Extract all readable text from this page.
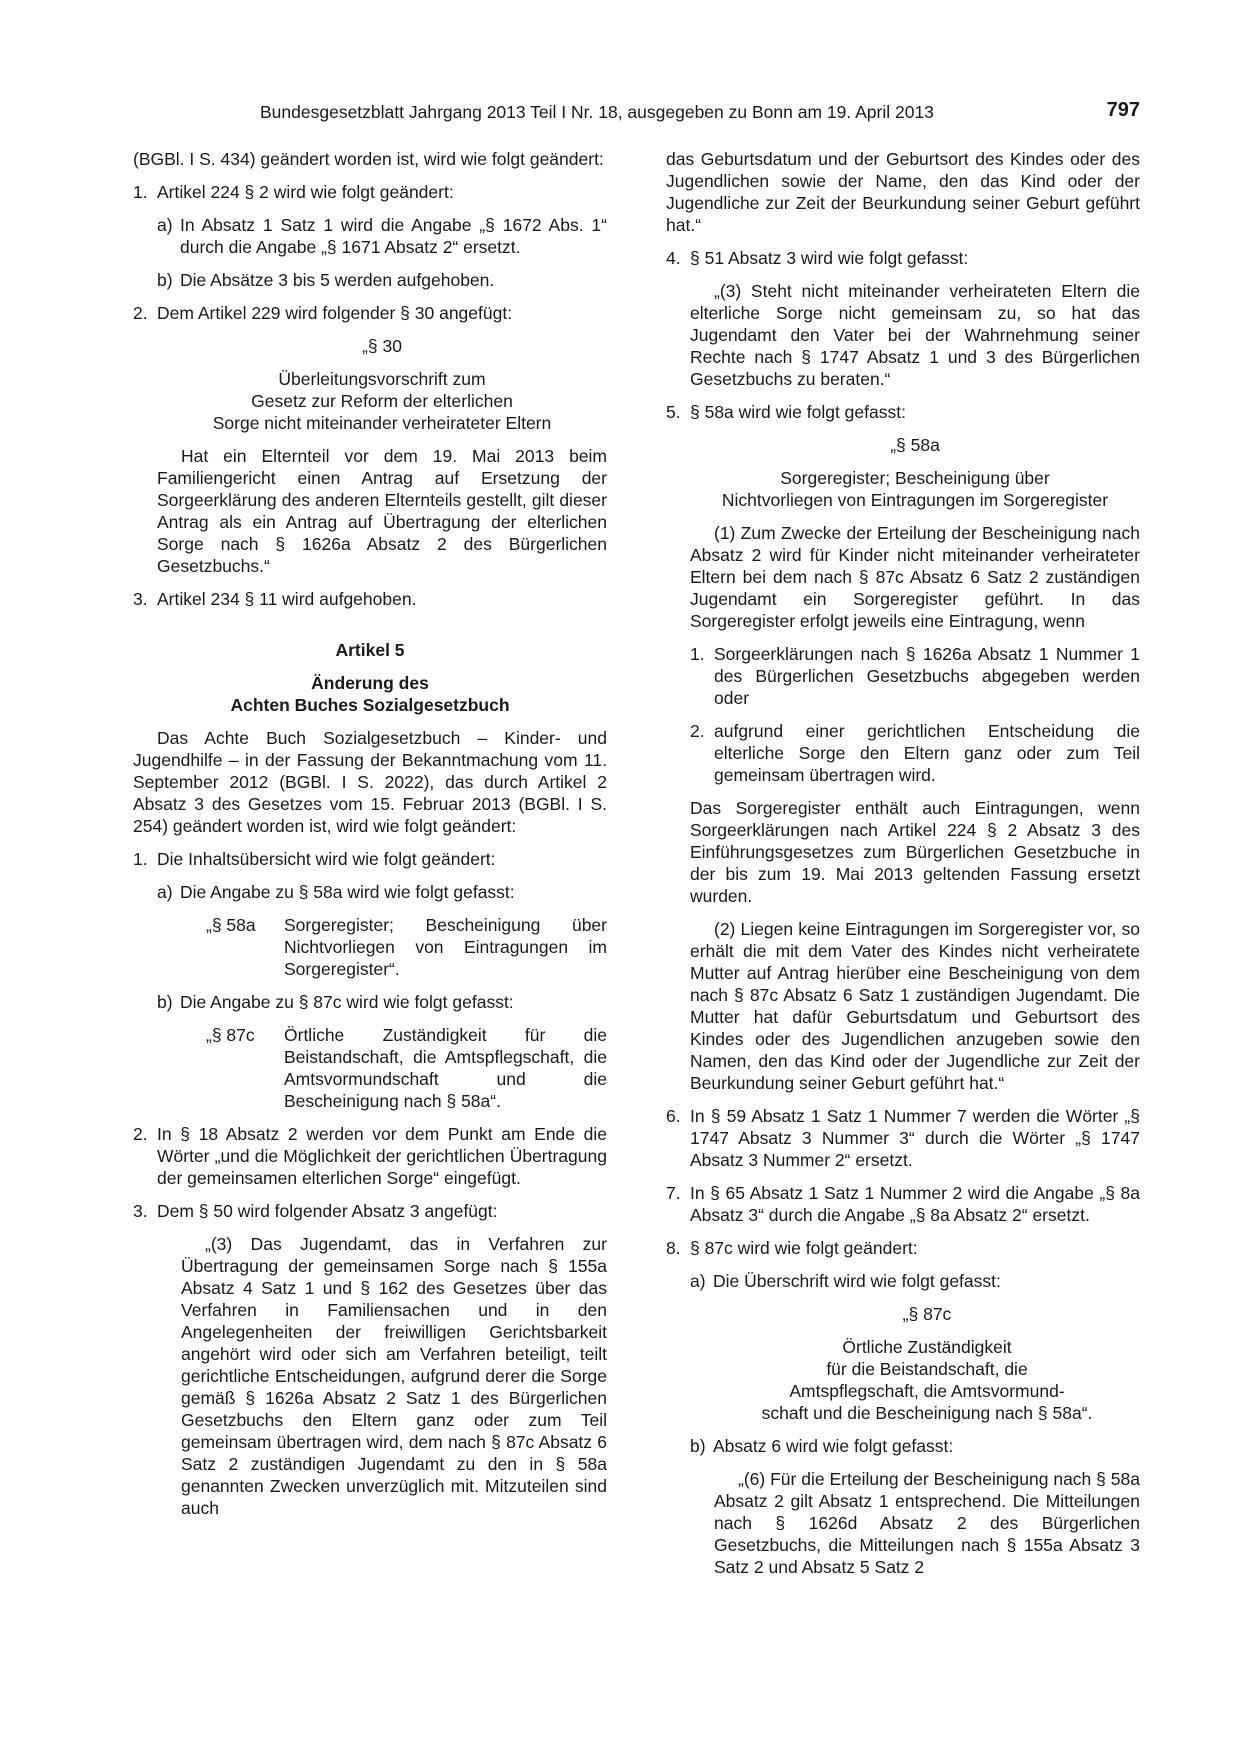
Bundesgesetzblatt Jahrgang 2013 Teil I Nr. 18, ausgegeben zu Bonn am 19. April 2013	797

(BGBl. I S. 434) geändert worden ist, wird wie folgt geändert:

1. Artikel 224 § 2 wird wie folgt geändert:
a) In Absatz 1 Satz 1 wird die Angabe „§ 1672 Abs. 1“ durch die Angabe „§ 1671 Absatz 2“ ersetzt.
b) Die Absätze 3 bis 5 werden aufgehoben.
2. Dem Artikel 229 wird folgender § 30 angefügt:
„§ 30
Überleitungsvorschrift zum
Gesetz zur Reform der elterlichen
Sorge nicht miteinander verheirateter Eltern

Hat ein Elternteil vor dem 19. Mai 2013 beim Familiengericht einen Antrag auf Ersetzung der Sorgeerklärung des anderen Elternteils gestellt, gilt dieser Antrag als ein Antrag auf Übertragung der elterlichen Sorge nach § 1626a Absatz 2 des Bürgerlichen Gesetzbuchs.“

3. Artikel 234 § 11 wird aufgehoben.
Artikel 5
Änderung des
Achten Buches Sozialgesetzbuch

Das Achte Buch Sozialgesetzbuch – Kinder- und Jugendhilfe – in der Fassung der Bekanntmachung vom 11. September 2012 (BGBl. I S. 2022), das durch Artikel 2 Absatz 3 des Gesetzes vom 15. Februar 2013 (BGBl. I S. 254) geändert worden ist, wird wie folgt geändert:

1. Die Inhaltsübersicht wird wie folgt geändert:
a) Die Angabe zu § 58a wird wie folgt gefasst:
„§ 58a	Sorgeregister; Bescheinigung über Nichtvorliegen von Eintragungen im Sorgeregister“.
b) Die Angabe zu § 87c wird wie folgt gefasst:
„§ 87c	Örtliche Zuständigkeit für die Beistandschaft, die Amtspflegschaft, die Amtsvormundschaft und die Bescheinigung nach § 58a“.
2. In § 18 Absatz 2 werden vor dem Punkt am Ende die Wörter „und die Möglichkeit der gerichtlichen Übertragung der gemeinsamen elterlichen Sorge“ eingefügt.
3. Dem § 50 wird folgender Absatz 3 angefügt:

„(3) Das Jugendamt, das in Verfahren zur Übertragung der gemeinsamen Sorge nach § 155a Absatz 4 Satz 1 und § 162 des Gesetzes über das Verfahren in Familiensachen und in den Angelegenheiten der freiwilligen Gerichtsbarkeit angehört wird oder sich am Verfahren beteiligt, teilt gerichtliche Entscheidungen, aufgrund derer die Sorge gemäß § 1626a Absatz 2 Satz 1 des Bürgerlichen Gesetzbuchs den Eltern ganz oder zum Teil gemeinsam übertragen wird, dem nach § 87c Absatz 6 Satz 2 zuständigen Jugendamt zu den in § 58a genannten Zwecken unverzüglich mit. Mitzuteilen sind auch

das Geburtsdatum und der Geburtsort des Kindes oder des Jugendlichen sowie der Name, den das Kind oder der Jugendliche zur Zeit der Beurkundung seiner Geburt geführt hat.“

4. § 51 Absatz 3 wird wie folgt gefasst:

„(3) Steht nicht miteinander verheirateten Eltern die elterliche Sorge nicht gemeinsam zu, so hat das Jugendamt den Vater bei der Wahrnehmung seiner Rechte nach § 1747 Absatz 1 und 3 des Bürgerlichen Gesetzbuchs zu beraten.“

5. § 58a wird wie folgt gefasst:
„§ 58a
Sorgeregister; Bescheinigung über
Nichtvorliegen von Eintragungen im Sorgeregister

(1) Zum Zwecke der Erteilung der Bescheinigung nach Absatz 2 wird für Kinder nicht miteinander verheirateter Eltern bei dem nach § 87c Absatz 6 Satz 2 zuständigen Jugendamt ein Sorgeregister geführt. In das Sorgeregister erfolgt jeweils eine Eintragung, wenn

1. Sorgeerklärungen nach § 1626a Absatz 1 Nummer 1 des Bürgerlichen Gesetzbuchs abgegeben werden oder
2. aufgrund einer gerichtlichen Entscheidung die elterliche Sorge den Eltern ganz oder zum Teil gemeinsam übertragen wird.

Das Sorgeregister enthält auch Eintragungen, wenn Sorgeerklärungen nach Artikel 224 § 2 Absatz 3 des Einführungsgesetzes zum Bürgerlichen Gesetzbuche in der bis zum 19. Mai 2013 geltenden Fassung ersetzt wurden.

(2) Liegen keine Eintragungen im Sorgeregister vor, so erhält die mit dem Vater des Kindes nicht verheiratete Mutter auf Antrag hierüber eine Bescheinigung von dem nach § 87c Absatz 6 Satz 1 zuständigen Jugendamt. Die Mutter hat dafür Geburtsdatum und Geburtsort des Kindes oder des Jugendlichen anzugeben sowie den Namen, den das Kind oder der Jugendliche zur Zeit der Beurkundung seiner Geburt geführt hat.“

6. In § 59 Absatz 1 Satz 1 Nummer 7 werden die Wörter „§ 1747 Absatz 3 Nummer 3“ durch die Wörter „§ 1747 Absatz 3 Nummer 2“ ersetzt.
7. In § 65 Absatz 1 Satz 1 Nummer 2 wird die Angabe „§ 8a Absatz 3“ durch die Angabe „§ 8a Absatz 2“ ersetzt.
8. § 87c wird wie folgt geändert:
a) Die Überschrift wird wie folgt gefasst:
„§ 87c
Örtliche Zuständigkeit
für die Beistandschaft, die
Amtspflegschaft, die Amtsvormund-
schaft und die Bescheinigung nach § 58a“.
b) Absatz 6 wird wie folgt gefasst:

„(6) Für die Erteilung der Bescheinigung nach § 58a Absatz 2 gilt Absatz 1 entsprechend. Die Mitteilungen nach § 1626d Absatz 2 des Bürgerlichen Gesetzbuchs, die Mitteilungen nach § 155a Absatz 3 Satz 2 und Absatz 5 Satz 2
